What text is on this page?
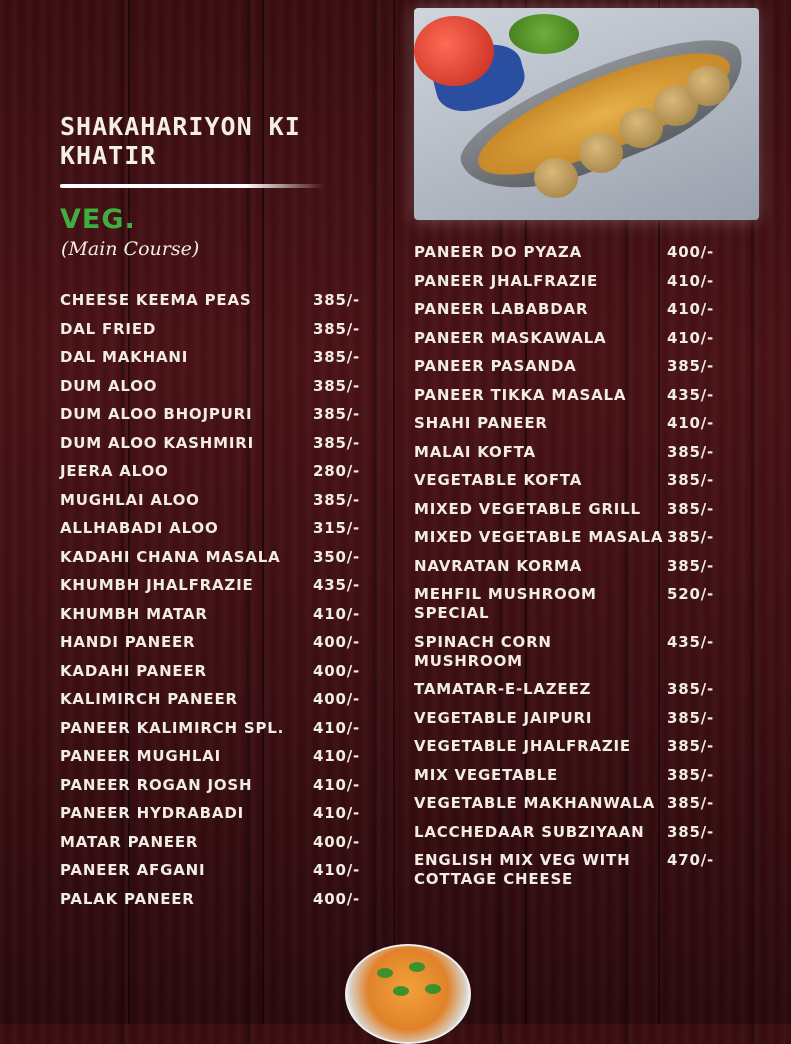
SHAKAHARIYON KI KHATIR
VEG.
(Main Course)
CHEESE KEEMA PEAS	385/-
DAL FRIED	385/-
DAL MAKHANI	385/-
DUM ALOO	385/-
DUM ALOO BHOJPURI	385/-
DUM ALOO KASHMIRI	385/-
JEERA ALOO	280/-
MUGHLAI ALOO	385/-
ALLHABADI ALOO	315/-
KADAHI CHANA MASALA 350/-
KHUMBH JHALFRAZIE	435/-
KHUMBH MATAR	410/-
HANDI PANEER	400/-
KADAHI PANEER	400/-
KALIMIRCH PANEER	400/-
PANEER KALIMIRCH SPL. 410/-
PANEER MUGHLAI	410/-
PANEER ROGAN JOSH	410/-
PANEER HYDRABADI	410/-
MATAR PANEER	400/-
PANEER AFGANI	410/-
PALAK PANEER	400/-
PANEER DO PYAZA	400/-
PANEER JHALFRAZIE	410/-
PANEER LABABDAR	410/-
PANEER MASKAWALA	410/-
PANEER PASANDA	385/-
PANEER TIKKA MASALA	435/-
SHAHI PANEER	410/-
MALAI KOFTA	385/-
VEGETABLE KOFTA	385/-
MIXED VEGETABLE GRILL 385/-
MIXED VEGETABLE MASALA 385/-
NAVRATAN KORMA	385/-
MEHFIL MUSHROOM SPECIAL
520/-
SPINACH CORN MUSHROOM
435/-
TAMATAR-E-LAZEEZ	385/-
VEGETABLE JAIPURI	385/-
VEGETABLE JHALFRAZIE 385/-
MIX VEGETABLE	385/-
VEGETABLE MAKHANWALA 385/-
LACCHEDAAR SUBZIYAAN 385/-
ENGLISH MIX VEG WITH COTTAGE CHEESE
470/-
